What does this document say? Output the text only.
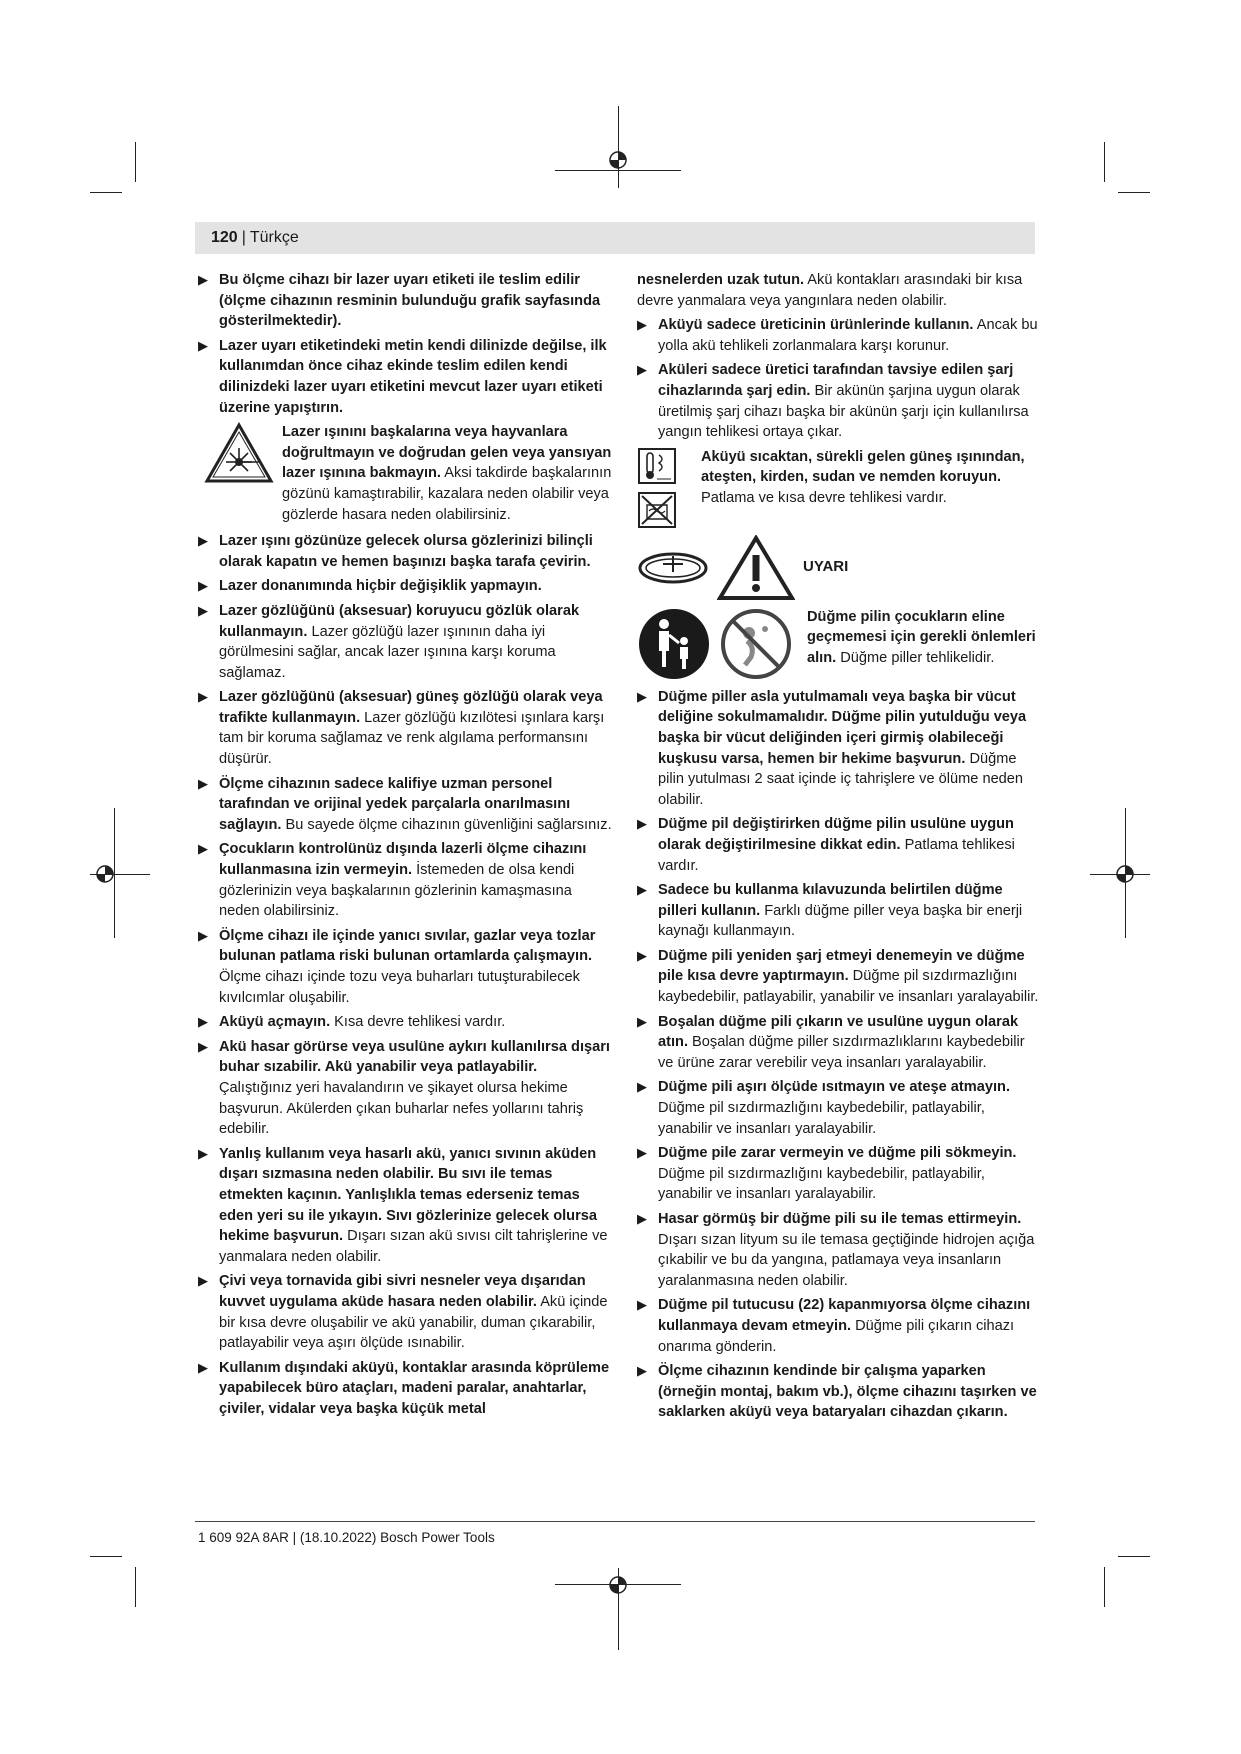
120 | Türkçe
▶ Bu ölçme cihazı bir lazer uyarı etiketi ile teslim edilir (ölçme cihazının resminin bulunduğu grafik sayfasında gösterilmektedir).
▶ Lazer uyarı etiketindeki metin kendi dilinizde değilse, ilk kullanımdan önce cihaz ekinde teslim edilen kendi dilinizdeki lazer uyarı etiketini mevcut lazer uyarı etiketi üzerine yapıştırın.
Lazer ışınını başkalarına veya hayvanlara doğrultmayın ve doğrudan gelen veya yansıyan lazer ışınına bakmayın. Aksi takdirde başkalarının gözünü kamaştırabilir, kazalara neden olabilir veya gözlerde hasara neden olabilirsiniz.
▶ Lazer ışını gözünüze gelecek olursa gözlerinizi bilinçli olarak kapatın ve hemen başınızı başka tarafa çevirin.
▶ Lazer donanımında hiçbir değişiklik yapmayın.
▶ Lazer gözlüğünü (aksesuar) koruyucu gözlük olarak kullanmayın. Lazer gözlüğü lazer ışınının daha iyi görülmesini sağlar, ancak lazer ışınına karşı koruma sağlamaz.
▶ Lazer gözlüğünü (aksesuar) güneş gözlüğü olarak veya trafikte kullanmayın. Lazer gözlüğü kızılötesi ışınlara karşı tam bir koruma sağlamaz ve renk algılama performansını düşürür.
▶ Ölçme cihazının sadece kalifiye uzman personel tarafından ve orijinal yedek parçalarla onarılmasını sağlayın. Bu sayede ölçme cihazının güvenliğini sağlarsınız.
▶ Çocukların kontrolünüz dışında lazerli ölçme cihazını kullanmasına izin vermeyin. İstemeden de olsa kendi gözlerinizin veya başkalarının gözlerinin kamaşmasına neden olabilirsiniz.
▶ Ölçme cihazı ile içinde yanıcı sıvılar, gazlar veya tozlar bulunan patlama riski bulunan ortamlarda çalışmayın. Ölçme cihazı içinde tozu veya buharları tutuşturabilecek kıvılcımlar oluşabilir.
▶ Aküyü açmayın. Kısa devre tehlikesi vardır.
▶ Akü hasar görürse veya usulüne aykırı kullanılırsa dışarı buhar sızabilir. Akü yanabilir veya patlayabilir. Çalıştığınız yeri havalandırın ve şikayet olursa hekime başvurun. Akülerden çıkan buharlar nefes yollarını tahriş edebilir.
▶ Yanlış kullanım veya hasarlı akü, yanıcı sıvının aküden dışarı sızmasına neden olabilir. Bu sıvı ile temas etmekten kaçının. Yanlışlıkla temas ederseniz temas eden yeri su ile yıkayın. Sıvı gözlerinize gelecek olursa hekime başvurun. Dışarı sızan akü sıvısı cilt tahrişlerine ve yanmalara neden olabilir.
▶ Çivi veya tornavida gibi sivri nesneler veya dışarıdan kuvvet uygulama aküde hasara neden olabilir. Akü içinde bir kısa devre oluşabilir ve akü yanabilir, duman çıkarabilir, patlayabilir veya aşırı ölçüde ısınabilir.
▶ Kullanım dışındaki aküyü, kontaklar arasında köprüleme yapabilecek büro ataçları, madeni paralar, anahtarlar, çiviler, vidalar veya başka küçük metal
nesnelerden uzak tutun. Akü kontakları arasındaki bir kısa devre yanmalara veya yangınlara neden olabilir.
▶ Aküyü sadece üreticinin ürünlerinde kullanın. Ancak bu yolla akü tehlikeli zorlanmalara karşı korunur.
▶ Aküleri sadece üretici tarafından tavsiye edilen şarj cihazlarında şarj edin. Bir akünün şarjına uygun olarak üretilmiş şarj cihazı başka bir akünün şarjı için kullanılırsa yangın tehlikesi ortaya çıkar.
Aküyü sıcaktan, sürekli gelen güneş ışınından, ateşten, kirden, sudan ve nemden koruyun. Patlama ve kısa devre tehlikesi vardır.
UYARI
Düğme pilin çocukların eline geçmemesi için gerekli önlemleri alın. Düğme piller tehlikelidir.
▶ Düğme piller asla yutulmamalı veya başka bir vücut deliğine sokulmamalıdır. Düğme pilin yutulduğu veya başka bir vücut deliğinden içeri girmiş olabileceği kuşkusu varsa, hemen bir hekime başvurun. Düğme pilin yutulması 2 saat içinde iç tahrişlere ve ölüme neden olabilir.
▶ Düğme pil değiştirirken düğme pilin usulüne uygun olarak değiştirilmesine dikkat edin. Patlama tehlikesi vardır.
▶ Sadece bu kullanma kılavuzunda belirtilen düğme pilleri kullanın. Farklı düğme piller veya başka bir enerji kaynağı kullanmayın.
▶ Düğme pili yeniden şarj etmeyi denemeyin ve düğme pile kısa devre yaptırmayın. Düğme pil sızdırmazlığını kaybedebilir, patlayabilir, yanabilir ve insanları yaralayabilir.
▶ Boşalan düğme pili çıkarın ve usulüne uygun olarak atın. Boşalan düğme piller sızdırmazlıklarını kaybedebilir ve ürüne zarar verebilir veya insanları yaralayabilir.
▶ Düğme pili aşırı ölçüde ısıtmayın ve ateşe atmayın. Düğme pil sızdırmazlığını kaybedebilir, patlayabilir, yanabilir ve insanları yaralayabilir.
▶ Düğme pile zarar vermeyin ve düğme pili sökmeyin. Düğme pil sızdırmazlığını kaybedebilir, patlayabilir, yanabilir ve insanları yaralayabilir.
▶ Hasar görmüş bir düğme pili su ile temas ettirmeyin. Dışarı sızan lityum su ile temasa geçtiğinde hidrojen açığa çıkabilir ve bu da yangına, patlamaya veya insanların yaralanmasına neden olabilir.
▶ Düğme pil tutucusu (22) kapanmıyorsa ölçme cihazını kullanmaya devam etmeyin. Düğme pili çıkarın cihazı onarıma gönderin.
▶ Ölçme cihazının kendinde bir çalışma yaparken (örneğin montaj, bakım vb.), ölçme cihazını taşırken ve saklarken aküyü veya bataryaları cihazdan çıkarın.
1 609 92A 8AR | (18.10.2022) Bosch Power Tools
